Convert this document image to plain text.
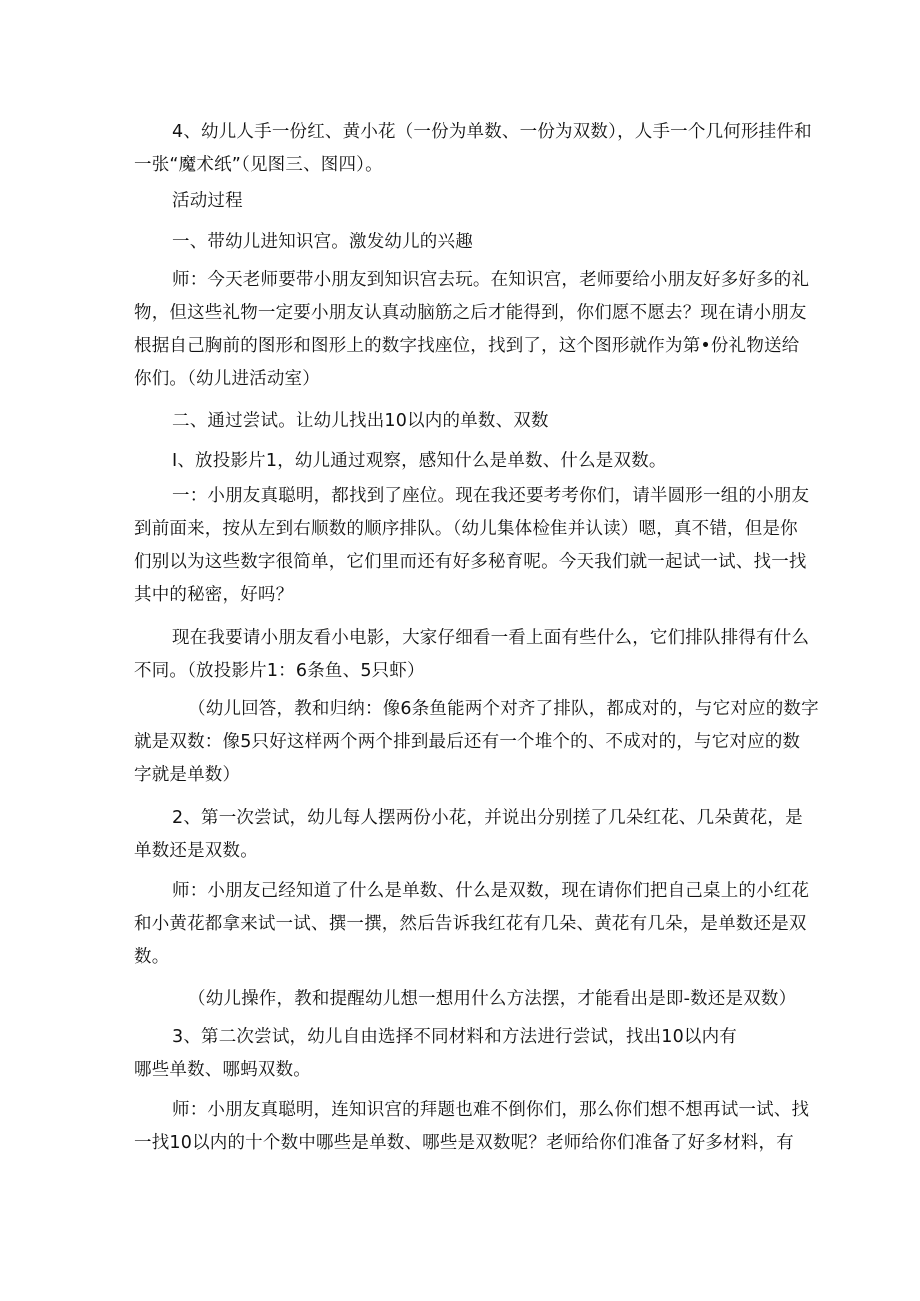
4、幼儿人手一份红、黄小花（一份为单数、一份为双数），人手一个几何形挂件和
一张“魔术纸”（见图三、图四）。
活动过程
一、带幼儿进知识宫。激发幼儿的兴趣
师：今天老师要带小朋友到知识宫去玩。在知识宫，老师要给小朋友好多好多的礼
物，但这些礼物一定要小朋友认真动脑筋之后才能得到，你们愿不愿去？现在请小朋友
根据自己胸前的图形和图形上的数字找座位，找到了，这个图形就作为第•份礼物送给
你们。（幼儿进活动室）
二、通过尝试。让幼儿找出10以内的单数、双数
I、放投影片1，幼儿通过观察，感知什么是单数、什么是双数。
一：小朋友真聪明，都找到了座位。现在我还要考考你们，请半圆形一组的小朋友
到前面来，按从左到右顺数的顺序排队。（幼儿集体检隹并认读）嗯，真不错，但是你
们别以为这些数字很简单，它们里而还有好多秘育呢。今天我们就一起试一试、找一找
其中的秘密，好吗？
现在我要请小朋友看小电影，大家仔细看一看上面有些什么，它们排队排得有什么
不同。（放投影片1：6条鱼、5只虾）
（幼儿回答，教和归纳：像6条鱼能两个对齐了排队，都成对的，与它对应的数字
就是双数：像5只好这样两个两个排到最后还有一个堆个的、不成对的，与它对应的数
字就是单数）
2、第一次尝试，幼儿每人摆两份小花，并说出分别搓了几朵红花、几朵黄花，是
单数还是双数。
师：小朋友己经知道了什么是单数、什么是双数，现在请你们把自己桌上的小红花
和小黄花都拿来试一试、撰一撰，然后告诉我红花有几朵、黄花有几朵，是单数还是双
数。
（幼儿操作，教和提醒幼儿想一想用什么方法摆，才能看出是即-数还是双数）
3、第二次尝试，幼儿自由选择不同材料和方法进行尝试，找出10以内有
哪些单数、哪蚂双数。
师：小朋友真聪明，连知识宫的拜题也难不倒你们，那么你们想不想再试一试、找
一找10以内的十个数中哪些是单数、哪些是双数呢？老师给你们准备了好多材料，有
